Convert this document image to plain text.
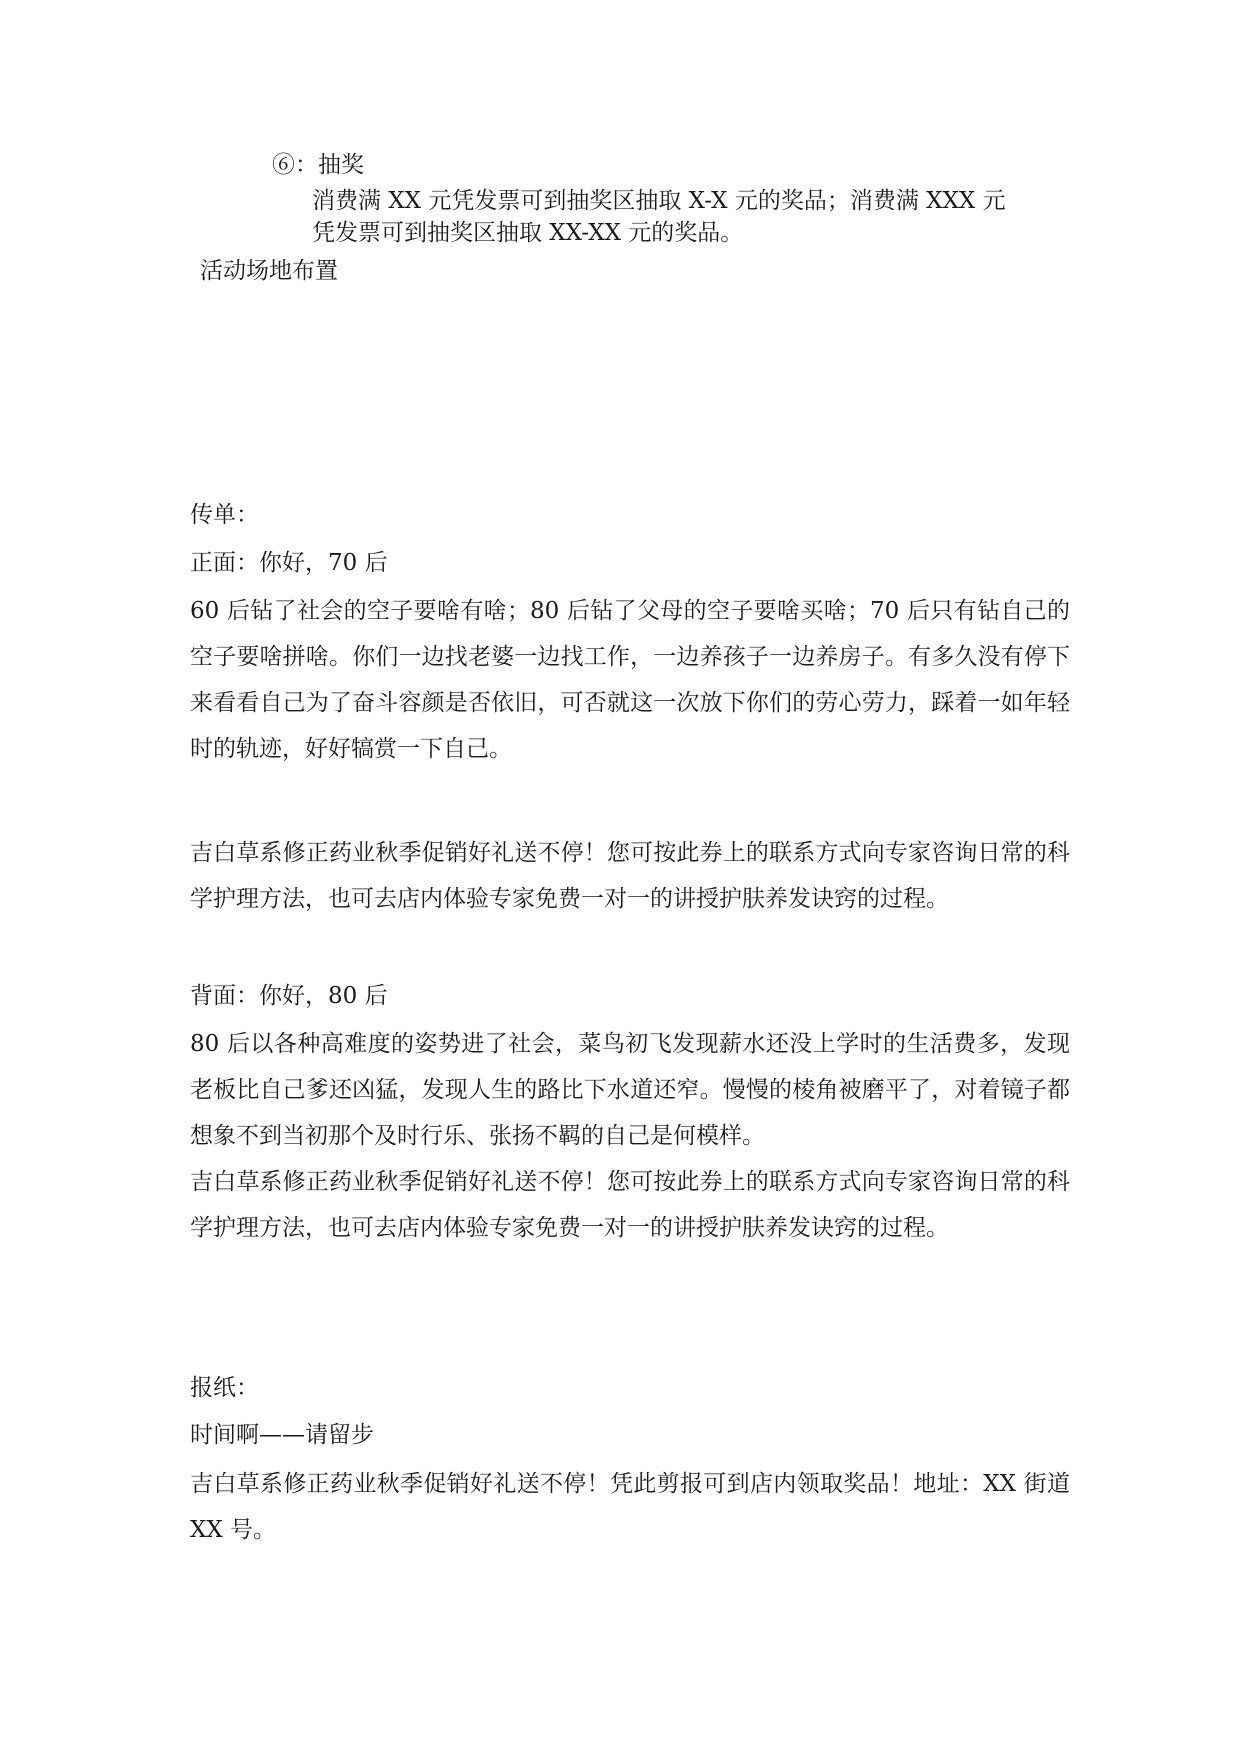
⑥：抽奖
消费满 XX 元凭发票可到抽奖区抽取 X-X 元的奖品；消费满 XXX 元
凭发票可到抽奖区抽取 XX-XX 元的奖品。
活动场地布置
传单：
正面：你好，70 后
60 后钻了社会的空子要啥有啥；80 后钻了父母的空子要啥买啥；70 后只有钻自己的空子要啥拼啥。你们一边找老婆一边找工作，一边养孩子一边养房子。有多久没有停下来看看自己为了奋斗容颜是否依旧，可否就这一次放下你们的劳心劳力，踩着一如年轻时的轨迹，好好犒赏一下自己。
吉白草系修正药业秋季促销好礼送不停！您可按此券上的联系方式向专家咨询日常的科学护理方法，也可去店内体验专家免费一对一的讲授护肤养发诀窍的过程。
背面：你好，80 后
80 后以各种高难度的姿势进了社会，菜鸟初飞发现薪水还没上学时的生活费多，发现老板比自己爹还凶猛，发现人生的路比下水道还窄。慢慢的棱角被磨平了，对着镜子都想象不到当初那个及时行乐、张扬不羁的自己是何模样。
吉白草系修正药业秋季促销好礼送不停！您可按此券上的联系方式向专家咨询日常的科学护理方法，也可去店内体验专家免费一对一的讲授护肤养发诀窍的过程。
报纸：
时间啊——请留步
吉白草系修正药业秋季促销好礼送不停！凭此剪报可到店内领取奖品！地址：XX 街道 XX 号。
